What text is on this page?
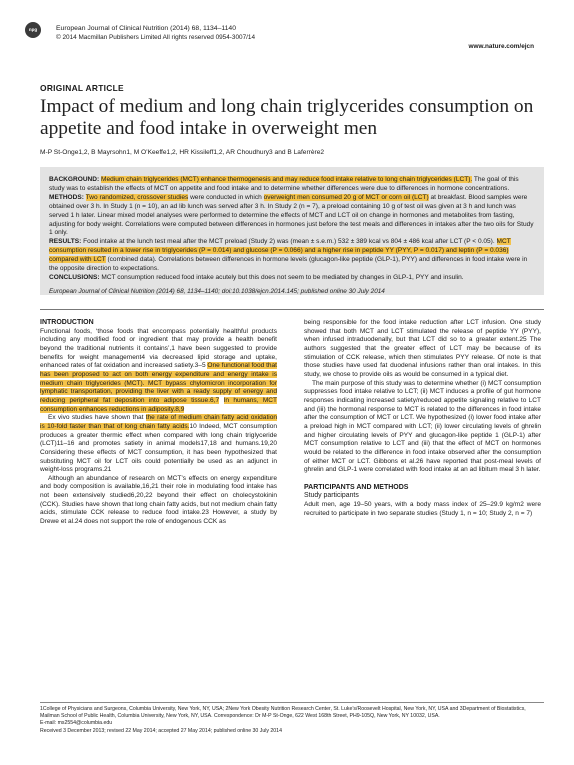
npg	European Journal of Clinical Nutrition (2014) 68, 1134–1140
© 2014 Macmillan Publishers Limited All rights reserved 0954-3007/14
www.nature.com/ejcn
ORIGINAL ARTICLE
Impact of medium and long chain triglycerides consumption on appetite and food intake in overweight men
M-P St-Onge1,2, B Mayrsohn1, M O’Keeffe1,2, HR Kissileff1,2, AR Choudhury3 and B Laferrère2

BACKGROUND: Medium chain triglycerides (MCT) enhance thermogenesis and may reduce food intake relative to long chain triglycerides (LCT). The goal of this study was to establish the effects of MCT on appetite and food intake and to determine whether differences were due to differences in hormone concentrations.

METHODS: Two randomized, crossover studies were conducted in which overweight men consumed 20 g of MCT or corn oil (LCT) at breakfast. Blood samples were obtained over 3 h. In Study 1 (n = 10), an ad lib lunch was served after 3 h. In Study 2 (n = 7), a preload containing 10 g of test oil was given at 3 h and lunch was served 1 h later. Linear mixed model analyses were performed to determine the effects of MCT and LCT oil on change in hormones and metabolites from fasting, adjusting for body weight. Correlations were computed between differences in hormones just before the test meals and differences in intakes after the two oils for Study 1 only.

RESULTS: Food intake at the lunch test meal after the MCT preload (Study 2) was (mean ± s.e.m.) 532 ± 389 kcal vs 804 ± 486 kcal after LCT (P < 0.05). MCT consumption resulted in a lower rise in triglycerides (P = 0.014) and glucose (P = 0.066) and a higher rise in peptide YY (PYY, P = 0.017) and leptin (P = 0.036) compared with LCT (combined data). Correlations between differences in hormone levels (glucagon-like peptide (GLP-1), PYY) and differences in food intake were in the opposite direction to expectations.

CONCLUSIONS: MCT consumption reduced food intake acutely but this does not seem to be mediated by changes in GLP-1, PYY and insulin.

European Journal of Clinical Nutrition (2014) 68, 1134–1140; doi:10.1038/ejcn.2014.145; published online 30 July 2014

INTRODUCTION

Functional foods, ‘those foods that encompass potentially healthful products including any modified food or ingredient that may provide a health benefit beyond the traditional nutrients it contains’,1 have been suggested to provide benefits for weight management4 via decreased lipid storage and uptake, enhanced rates of fat oxidation and increased satiety.3–5 One functional food that has been proposed to act on both energy expenditure and energy intake is medium chain triglycerides (MCT). MCT bypass chylomicron incorporation for lymphatic transportation, providing the liver with a ready supply of energy and reducing peripheral fat deposition into adipose tissue.6,7 In humans, MCT consumption enhances reductions in adiposity.8,9

Ex vivo studies have shown that the rate of medium chain fatty acid oxidation is 10-fold faster than that of long chain fatty acids.10 Indeed, MCT consumption produces a greater thermic effect when compared with long chain triglyceride (LCT)11–16 and promotes satiety in animal models17,18 and humans.19,20 Considering these effects of MCT consumption, it has been hypothesized that substituting MCT oil for LCT oils could potentially be used as an adjunct in weight-loss programs.21

Although an abundance of research on MCT’s effects on energy expenditure and body composition is available,16,21 their role in modulating food intake has not been extensively studied6,20,22 beyond their effect on cholecystokinin (CCK). Studies have shown that long chain fatty acids, but not medium chain fatty acids, stimulate CCK release to reduce food intake.23 However, a study by Drewe et al.24 does not support the role of endogenous CCK as

being responsible for the food intake reduction after LCT infusion. One study showed that both MCT and LCT stimulated the release of peptide YY (PYY), when infused intraduodenally, but that LCT did so to a greater extent.25 The authors suggested that the greater effect of LCT may be because of its stimulation of CCK release, which then stimulates PYY release. Of note is that those studies have used fat duodenal infusions rather than oral intakes. In this study, we chose to provide oils as would be consumed in a typical diet.

The main purpose of this study was to determine whether (i) MCT consumption suppresses food intake relative to LCT; (ii) MCT induces a profile of gut hormone responses indicating increased satiety/reduced appetite signaling relative to LCT and (iii) the hormonal response to MCT is related to the differences in food intake after the consumption of MCT or LCT. We hypothesized (i) lower food intake after a preload high in MCT compared with LCT; (ii) lower circulating levels of ghrelin and higher circulating levels of PYY and glucagon-like peptide 1 (GLP-1) after MCT consumption relative to LCT and (iii) that the effect of MCT on hormones would be related to the difference in food intake observed after the consumption of either MCT or LCT. Gibbons et al.26 have reported that post-meal levels of ghrelin and GLP-1 were correlated with food intake at an ad libitum meal 3 h later.

PARTICIPANTS AND METHODS

Study participants

Adult men, age 19–50 years, with a body mass index of 25–29.9 kg/m2 were recruited to participate in two separate studies (Study 1, n = 10; Study 2, n = 7)

1College of Physicians and Surgeons, Columbia University, New York, NY, USA; 2New York Obesity Nutrition Research Center, St. Luke’s/Roosevelt Hospital, New York, NY, USA and 3Department of Biostatistics, Mailman School of Public Health, Columbia University, New York, NY, USA. Correspondence: Dr M-P St-Onge, 622 West 168th Street, PH9-105Q, New York, NY 10032, USA.

E-mail: ms2554@columbia.edu

Received 3 December 2013; revised 22 May 2014; accepted 27 May 2014; published online 30 July 2014
